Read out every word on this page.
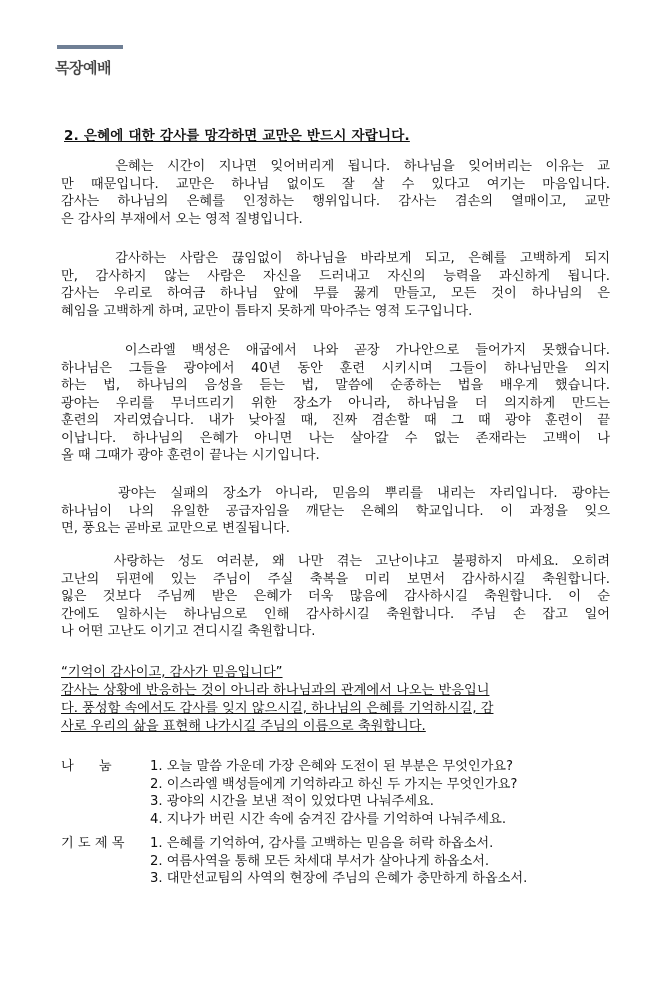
목장예배
2. 은혜에 대한 감사를 망각하면 교만은 반드시 자랍니다.
은혜는 시간이 지나면 잊어버리게 됩니다. 하나님을 잊어버리는 이유는 교
만 때문입니다. 교만은 하나님 없이도 잘 살 수 있다고 여기는 마음입니다.
감사는 하나님의 은혜를 인정하는 행위입니다. 감사는 겸손의 열매이고, 교만
은 감사의 부재에서 오는 영적 질병입니다.
감사하는 사람은 끊임없이 하나님을 바라보게 되고, 은혜를 고백하게 되지
만, 감사하지 않는 사람은 자신을 드러내고 자신의 능력을 과신하게 됩니다.
감사는 우리로 하여금 하나님 앞에 무릎 꿇게 만들고, 모든 것이 하나님의 은
혜임을 고백하게 하며, 교만이 틈타지 못하게 막아주는 영적 도구입니다.
이스라엘 백성은 애굽에서 나와 곧장 가나안으로 들어가지 못했습니다.
하나님은 그들을 광야에서 40년 동안 훈련 시키시며 그들이 하나님만을 의지
하는 법, 하나님의 음성을 듣는 법, 말씀에 순종하는 법을 배우게 했습니다.
광야는 우리를 무너뜨리기 위한 장소가 아니라, 하나님을 더 의지하게 만드는
훈련의 자리였습니다. 내가 낮아질 때, 진짜 겸손할 때 그 때 광야 훈련이 끝
이납니다. 하나님의 은혜가 아니면 나는 살아갈 수 없는 존재라는 고백이 나
올 때 그때가 광야 훈련이 끝나는 시기입니다.
광야는 실패의 장소가 아니라, 믿음의 뿌리를 내리는 자리입니다. 광야는
하나님이 나의 유일한 공급자임을 깨닫는 은혜의 학교입니다. 이 과정을 잊으
면, 풍요는 곧바로 교만으로 변질됩니다.
사랑하는 성도 여러분, 왜 나만 겪는 고난이냐고 불평하지 마세요. 오히려
고난의 뒤편에 있는 주님이 주실 축복을 미리 보면서 감사하시길 축원합니다.
잃은 것보다 주님께 받은 은혜가 더욱 많음에 감사하시길 축원합니다. 이 순
간에도 일하시는 하나님으로 인해 감사하시길 축원합니다. 주님 손 잡고 일어
나 어떤 고난도 이기고 견디시길 축원합니다.
“기억이 감사이고, 감사가 믿음입니다”
감사는 상황에 반응하는 것이 아니라 하나님과의 관계에서 나오는 반응입니
다. 풍성함 속에서도 감사를 잊지 않으시길, 하나님의 은혜를 기억하시길, 감
사로 우리의 삶을 표현해 나가시길 주님의 이름으로 축원합니다.
나      눔	1. 오늘 말씀 가운데 가장 은혜와 도전이 된 부분은 무엇인가요?
2. 이스라엘 백성들에게 기억하라고 하신 두 가지는 무엇인가요?
3. 광야의 시간을 보낸 적이 있었다면 나눠주세요.
4. 지나가 버린 시간 속에 숨겨진 감사를 기억하여 나눠주세요.
기 도 제 목	1. 은혜를 기억하여, 감사를 고백하는 믿음을 허락 하옵소서.
2. 여름사역을 통해 모든 차세대 부서가 살아나게 하옵소서.
3. 대만선교팀의 사역의 현장에 주님의 은혜가 충만하게 하옵소서.
